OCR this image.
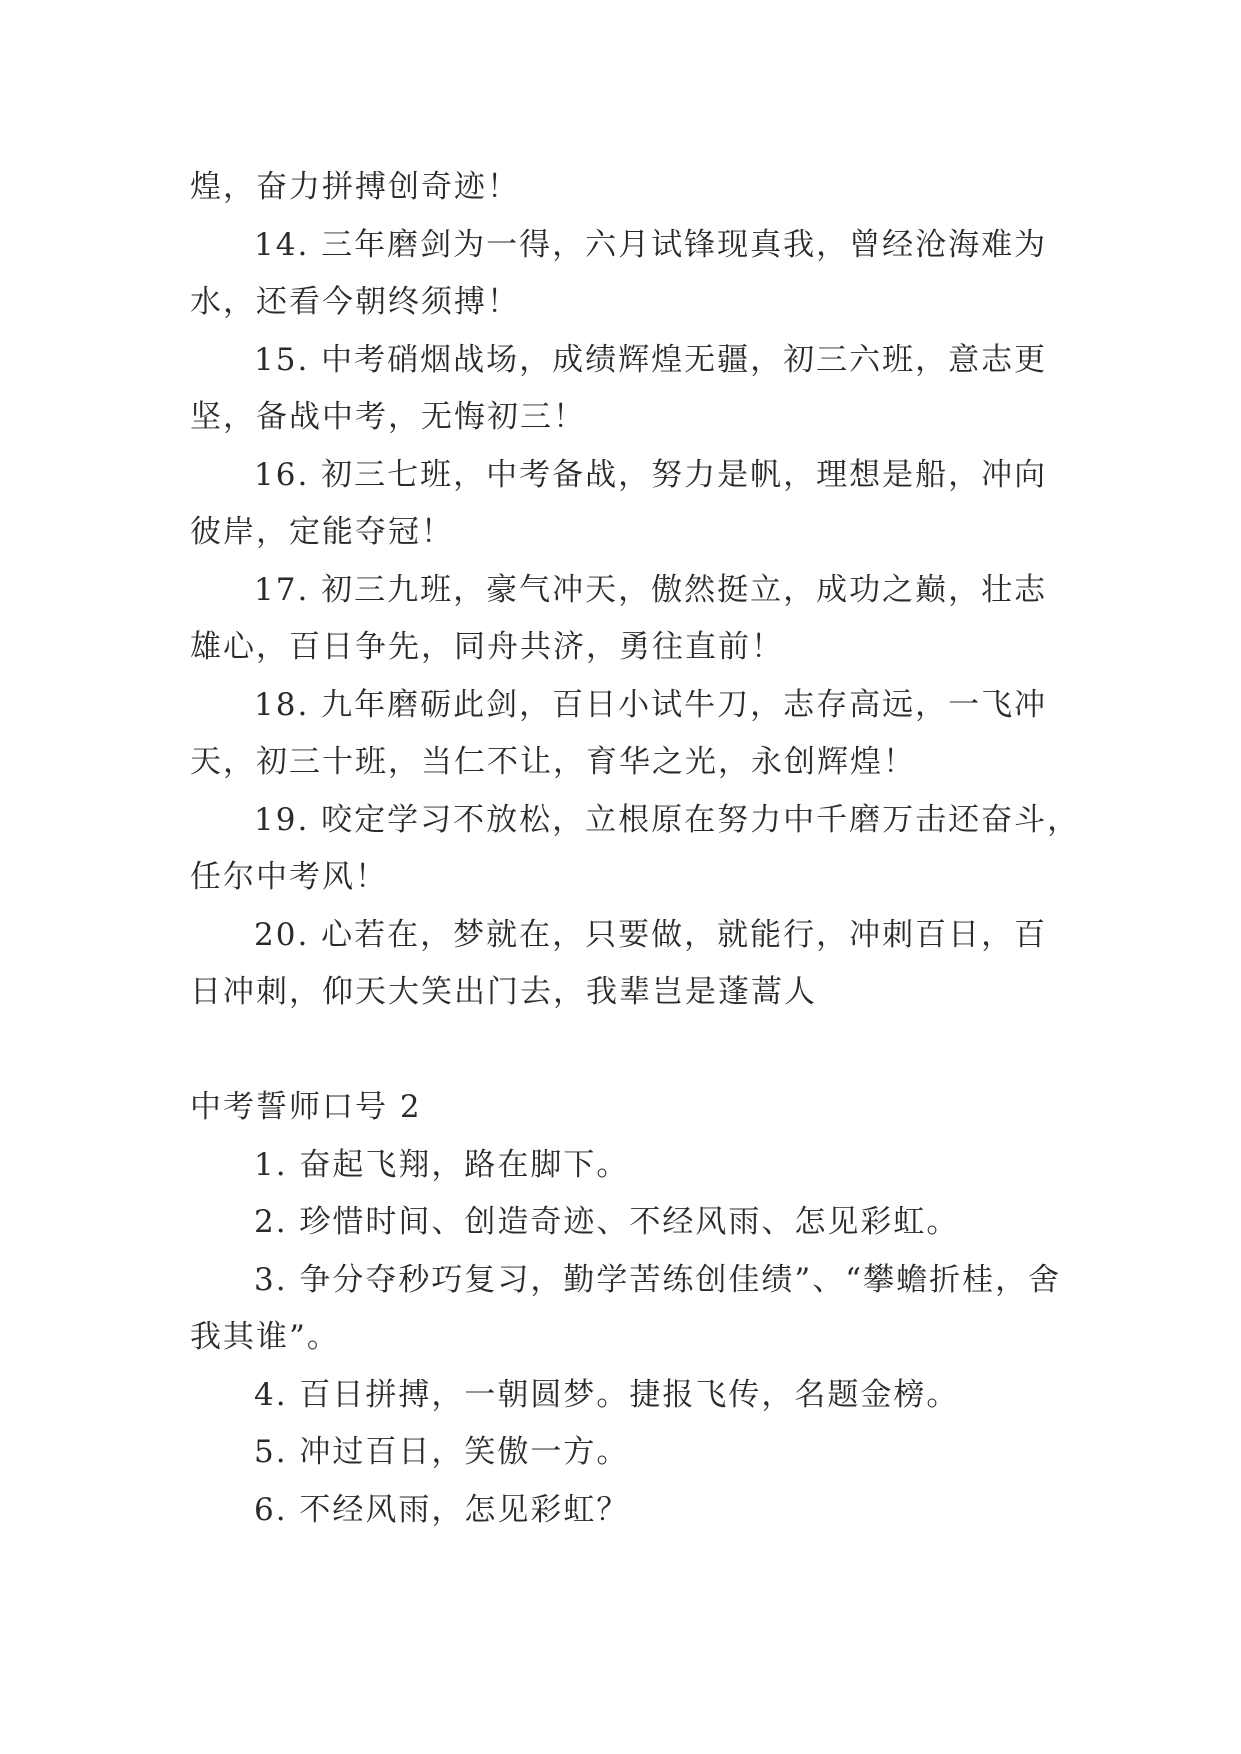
煌，奋力拼搏创奇迹！
14. 三年磨剑为一得，六月试锋现真我，曾经沧海难为
水，还看今朝终须搏！
15. 中考硝烟战场，成绩辉煌无疆，初三六班，意志更
坚，备战中考，无悔初三！
16. 初三七班，中考备战，努力是帆，理想是船，冲向
彼岸，定能夺冠！
17. 初三九班，豪气冲天，傲然挺立，成功之巅，壮志
雄心，百日争先，同舟共济，勇往直前！
18. 九年磨砺此剑，百日小试牛刀，志存高远，一飞冲
天，初三十班，当仁不让，育华之光，永创辉煌！
19. 咬定学习不放松，立根原在努力中千磨万击还奋斗，
任尔中考风！
20. 心若在，梦就在，只要做，就能行，冲刺百日，百
日冲刺，仰天大笑出门去，我辈岂是蓬蒿人
中考誓师口号 2
1. 奋起飞翔，路在脚下。
2. 珍惜时间、创造奇迹、不经风雨、怎见彩虹。
3. 争分夺秒巧复习，勤学苦练创佳绩”、“攀蟾折桂，舍
我其谁”。
4. 百日拼搏，一朝圆梦。捷报飞传，名题金榜。
5. 冲过百日，笑傲一方。
6. 不经风雨，怎见彩虹？
